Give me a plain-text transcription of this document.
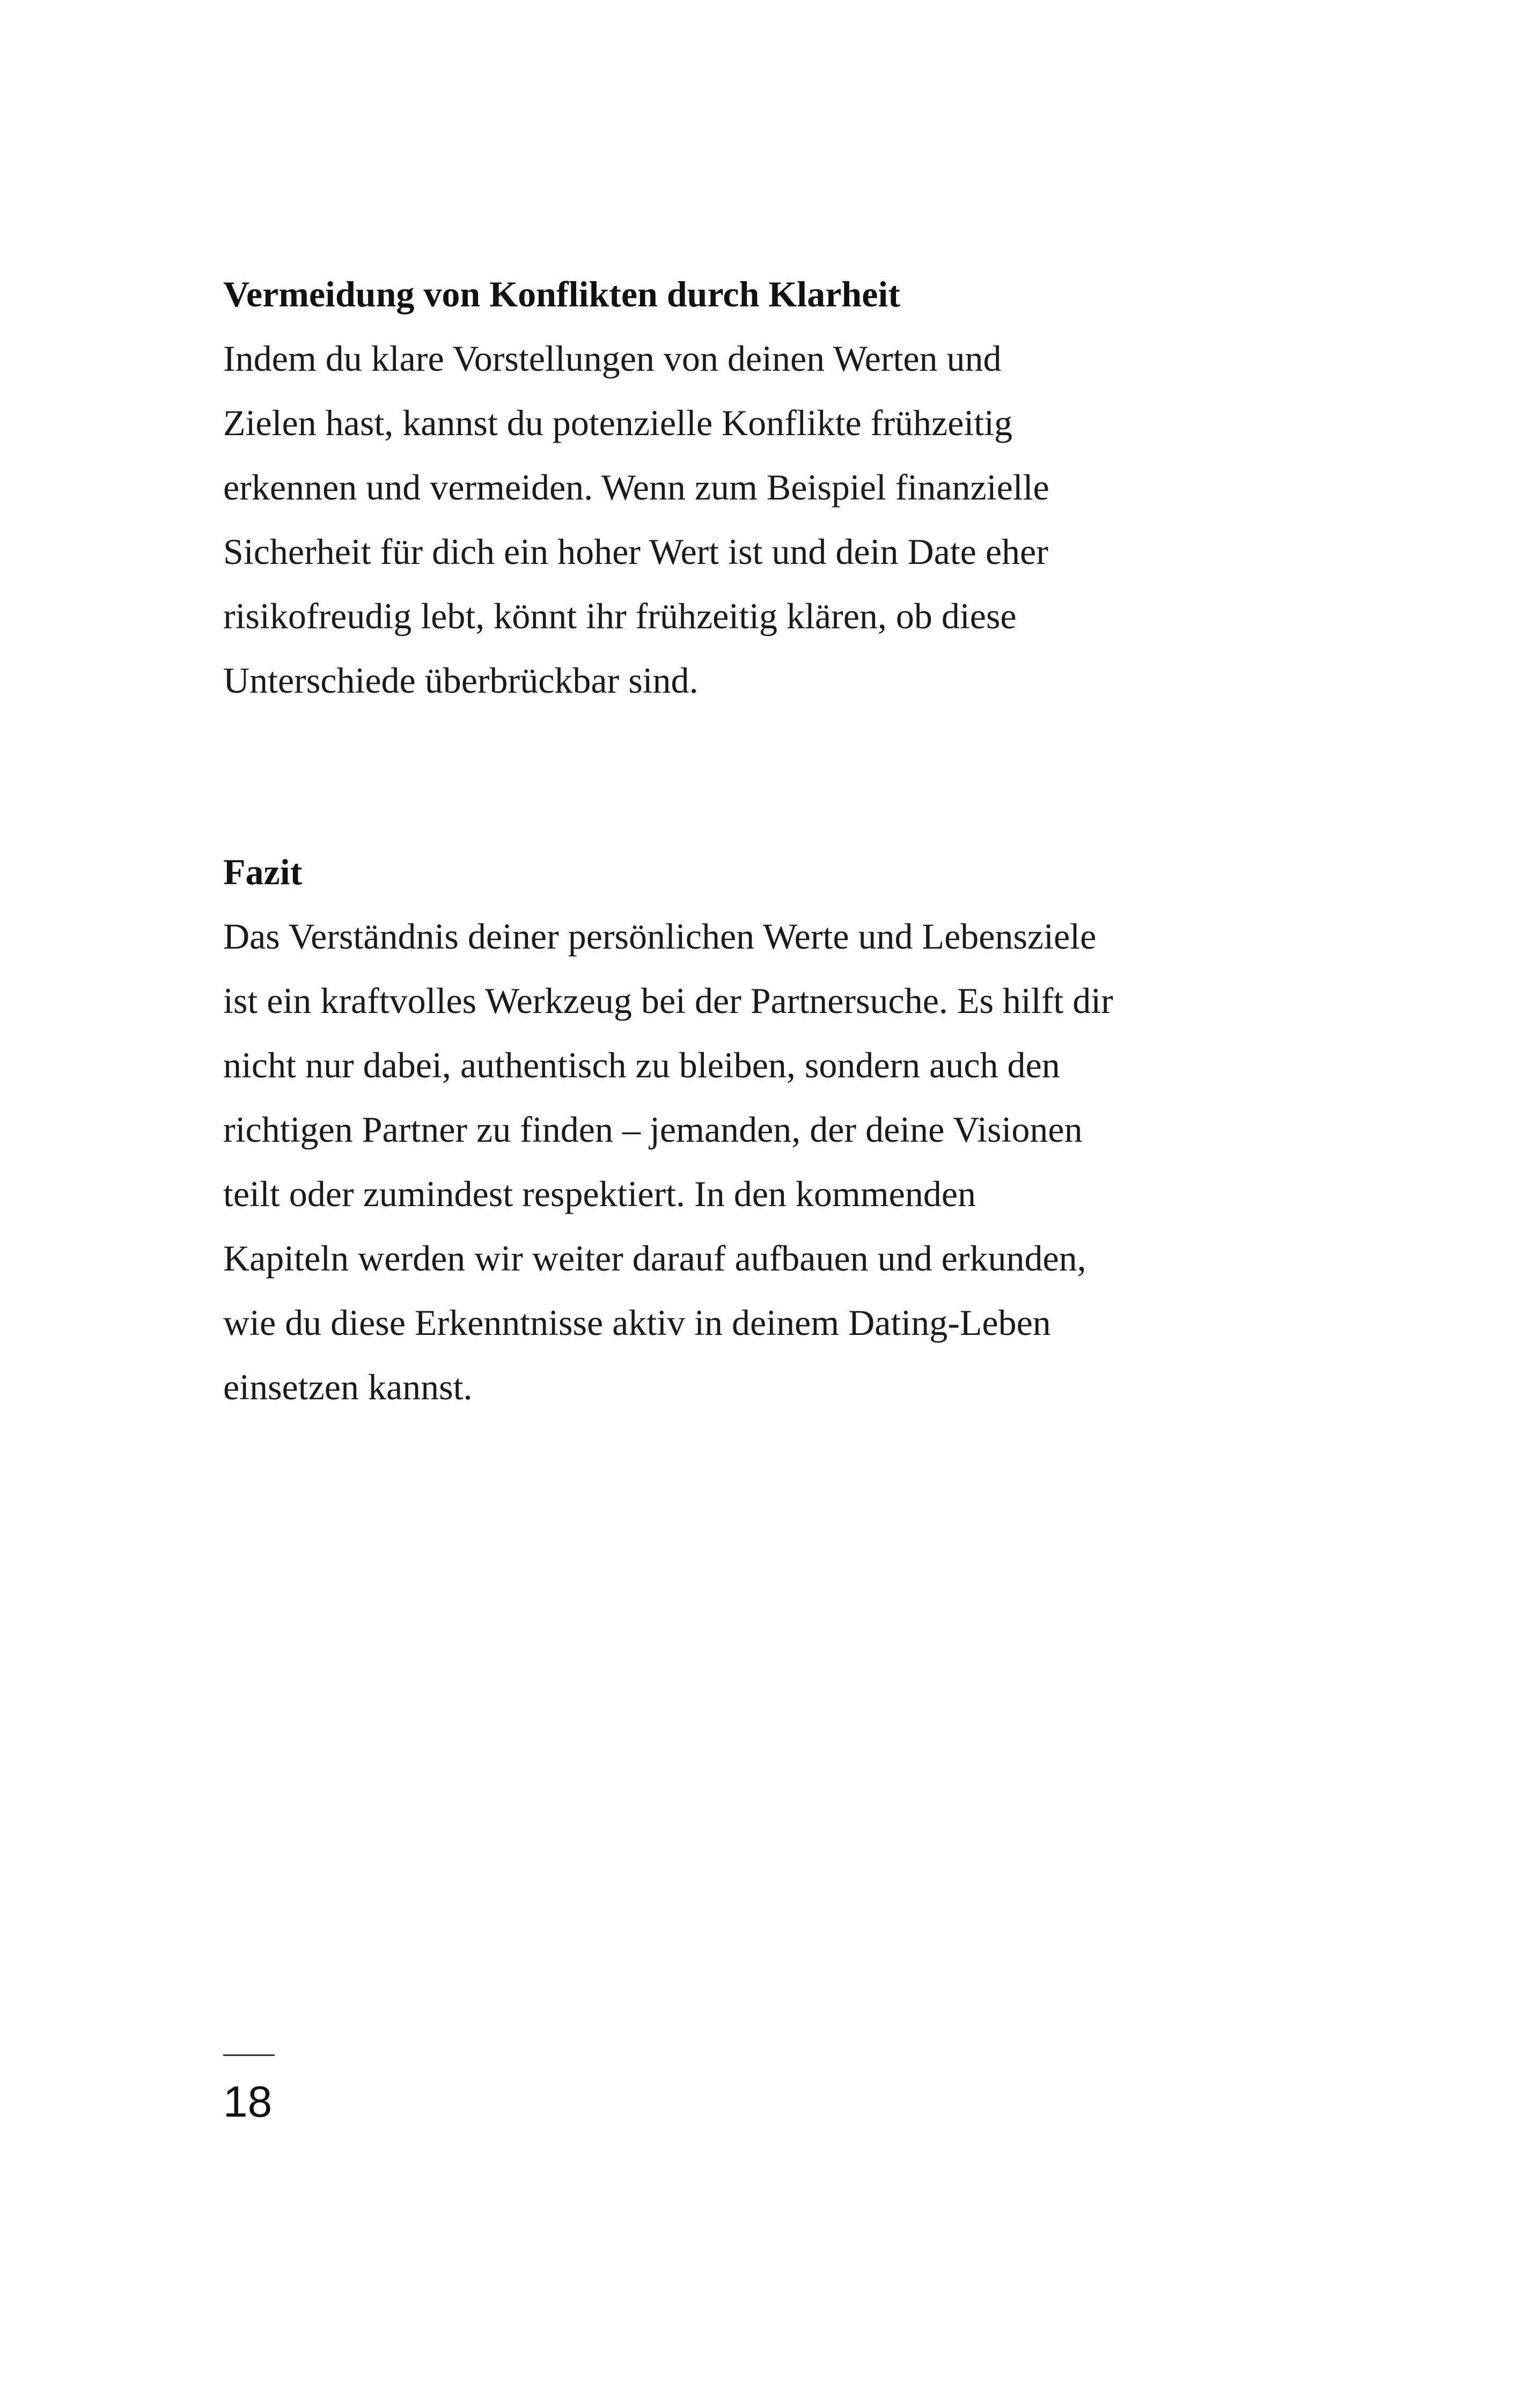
Vermeidung von Konflikten durch Klarheit

Indem du klare Vorstellungen von deinen Werten und

Zielen hast, kannst du potenzielle Konflikte frühzeitig

erkennen und vermeiden. Wenn zum Beispiel finanzielle

Sicherheit für dich ein hoher Wert ist und dein Date eher

risikofreudig lebt, könnt ihr frühzeitig klären, ob diese

Unterschiede überbrückbar sind.

Fazit

Das Verständnis deiner persönlichen Werte und Lebensziele

ist ein kraftvolles Werkzeug bei der Partnersuche. Es hilft dir

nicht nur dabei, authentisch zu bleiben, sondern auch den

richtigen Partner zu finden – jemanden, der deine Visionen

teilt oder zumindest respektiert. In den kommenden

Kapiteln werden wir weiter darauf aufbauen und erkunden,

wie du diese Erkenntnisse aktiv in deinem Dating-Leben

einsetzen kannst.

18
